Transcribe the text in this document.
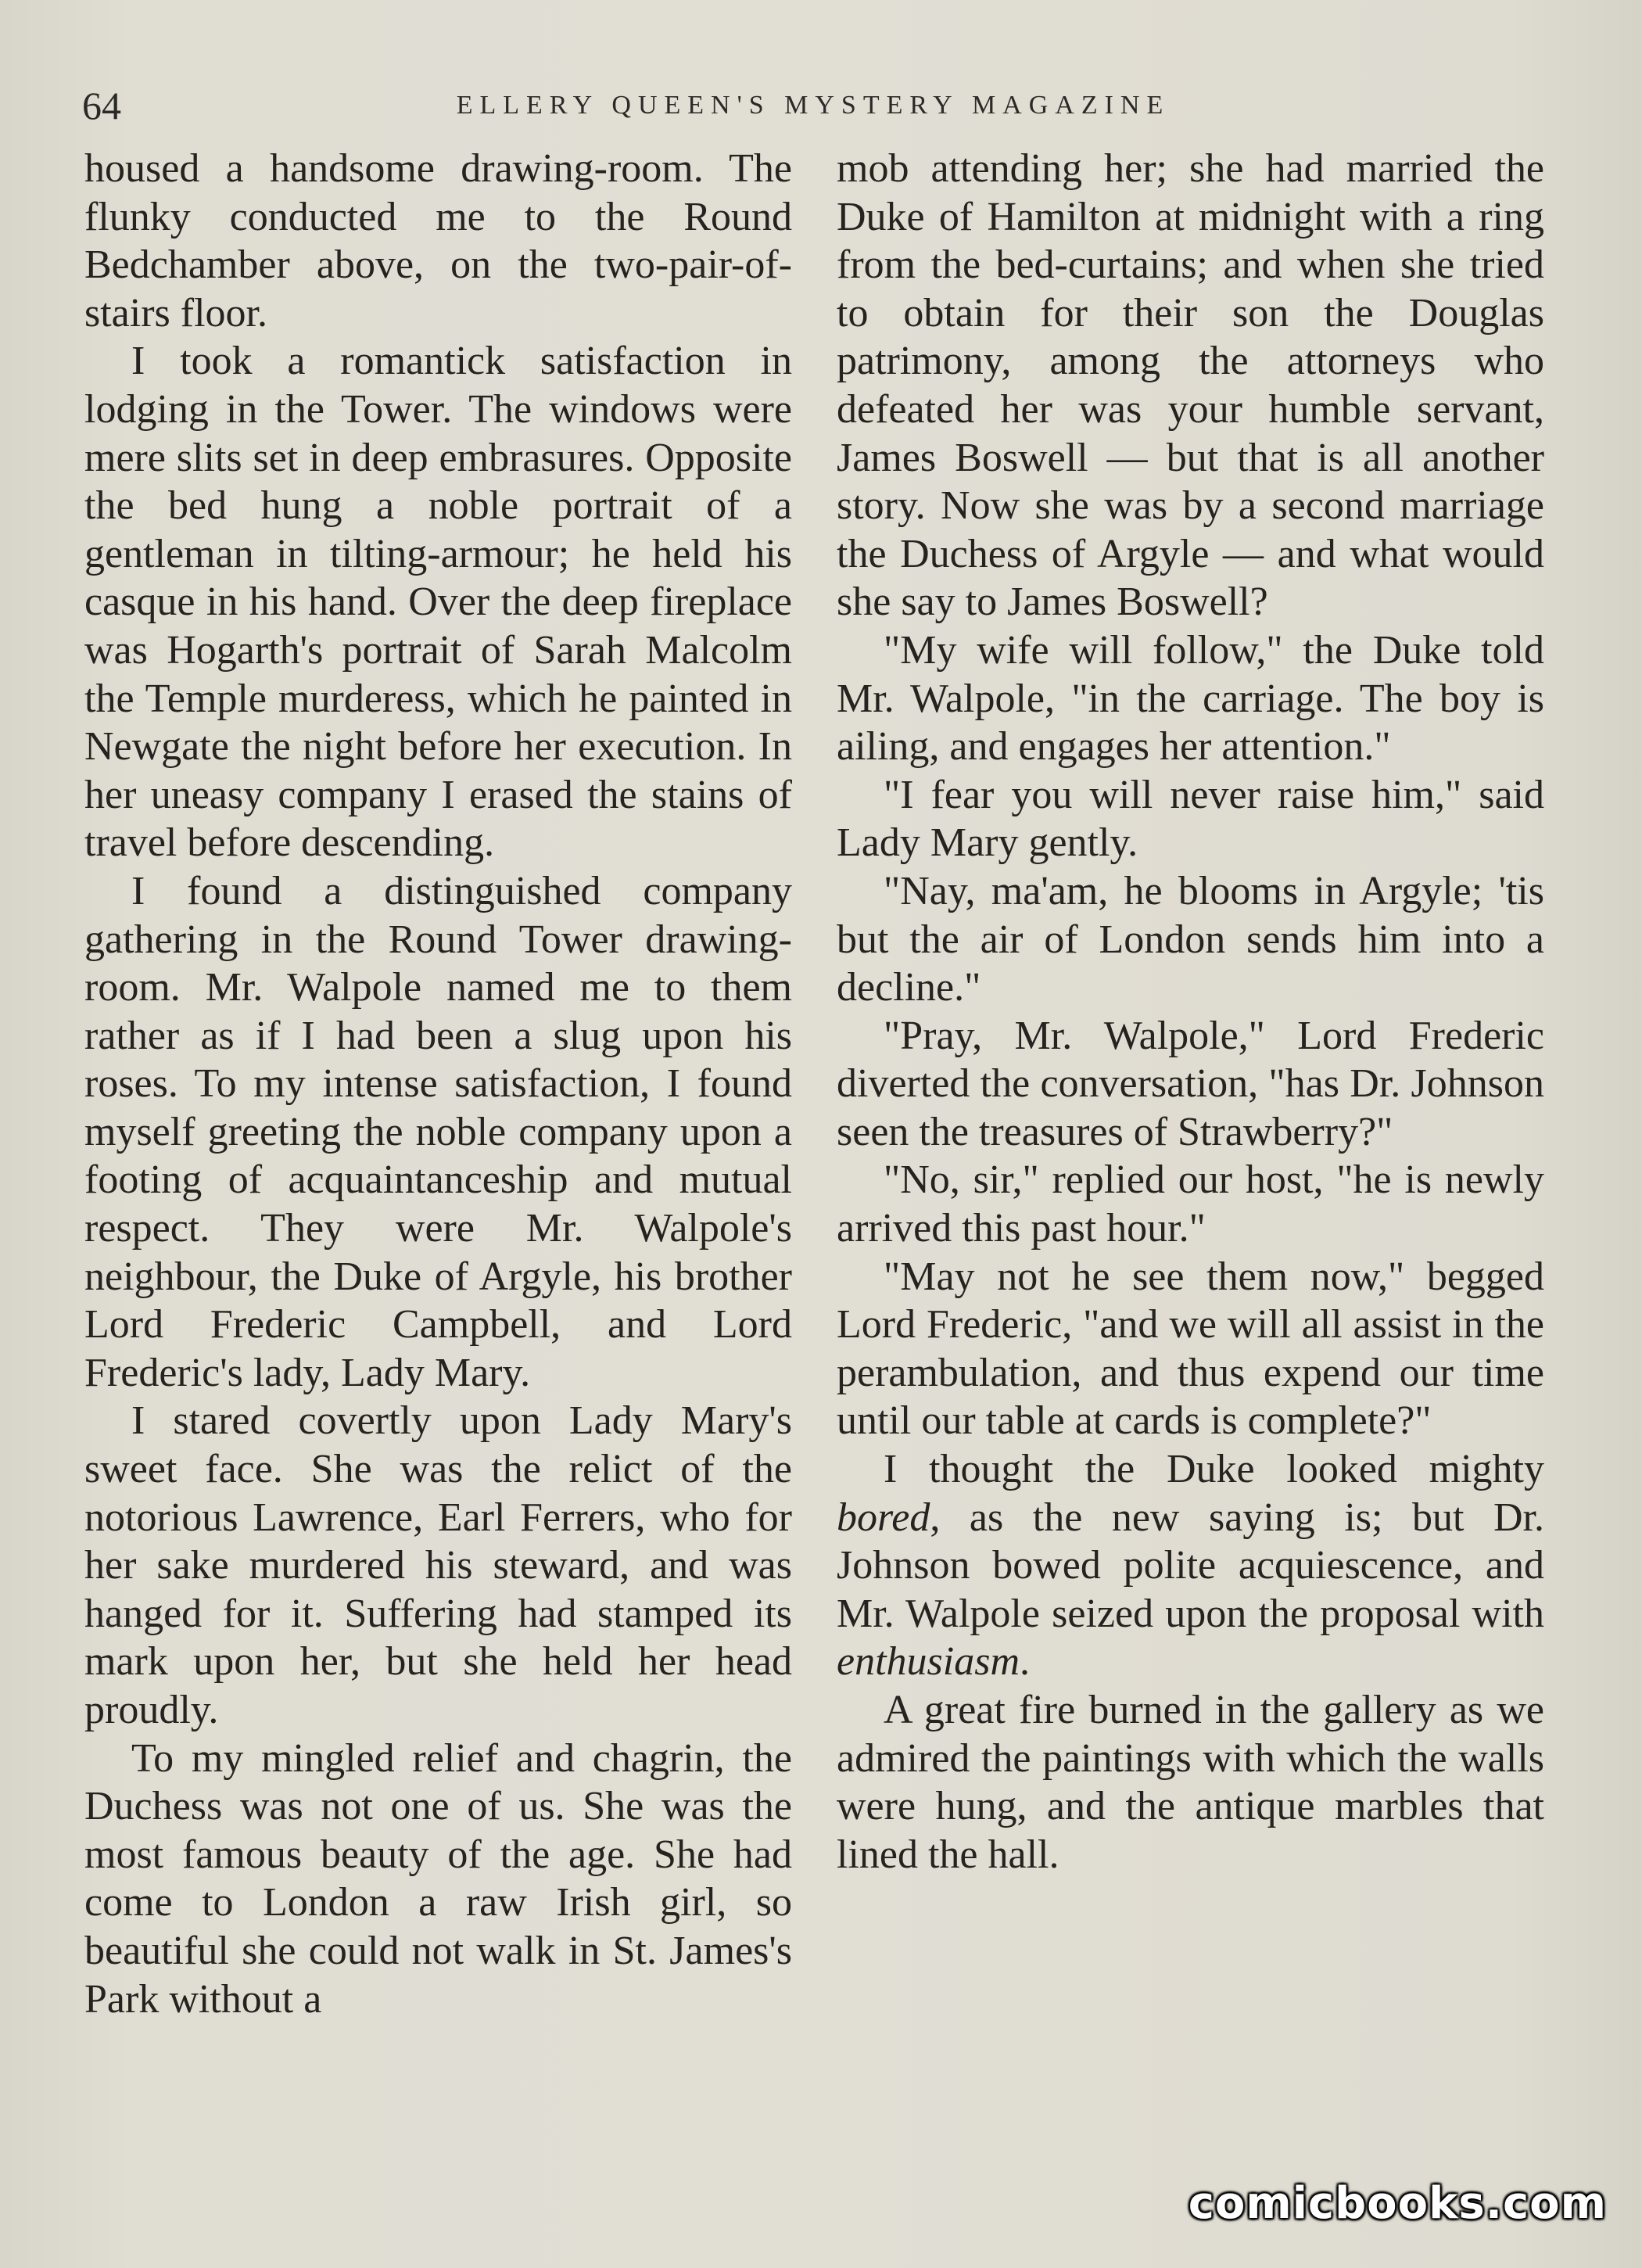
64	ELLERY QUEEN'S MYSTERY MAGAZINE

housed a handsome drawing-room. The flunky conducted me to the Round Bedchamber above, on the two-pair-of-stairs floor.

I took a romantick satisfaction in lodging in the Tower. The windows were mere slits set in deep embrasures. Opposite the bed hung a noble portrait of a gentleman in tilting-armour; he held his casque in his hand. Over the deep fireplace was Hogarth's portrait of Sarah Malcolm the Temple murderess, which he painted in Newgate the night before her execution. In her uneasy company I erased the stains of travel before descending.

I found a distinguished company gathering in the Round Tower drawing-room. Mr. Walpole named me to them rather as if I had been a slug upon his roses. To my intense satisfaction, I found myself greeting the noble company upon a footing of acquaintanceship and mutual respect. They were Mr. Walpole's neighbour, the Duke of Argyle, his brother Lord Frederic Campbell, and Lord Frederic's lady, Lady Mary.

I stared covertly upon Lady Mary's sweet face. She was the relict of the notorious Lawrence, Earl Ferrers, who for her sake murdered his steward, and was hanged for it. Suffering had stamped its mark upon her, but she held her head proudly.

To my mingled relief and chagrin, the Duchess was not one of us. She was the most famous beauty of the age. She had come to London a raw Irish girl, so beautiful she could not walk in St. James's Park without a

mob attending her; she had married the Duke of Hamilton at midnight with a ring from the bed-curtains; and when she tried to obtain for their son the Douglas patrimony, among the attorneys who defeated her was your humble servant, James Boswell — but that is all another story. Now she was by a second marriage the Duchess of Argyle — and what would she say to James Boswell?

"My wife will follow," the Duke told Mr. Walpole, "in the carriage. The boy is ailing, and engages her attention."

"I fear you will never raise him," said Lady Mary gently.

"Nay, ma'am, he blooms in Argyle; 'tis but the air of London sends him into a decline."

"Pray, Mr. Walpole," Lord Frederic diverted the conversation, "has Dr. Johnson seen the treasures of Strawberry?"

"No, sir," replied our host, "he is newly arrived this past hour."

"May not he see them now," begged Lord Frederic, "and we will all assist in the perambulation, and thus expend our time until our table at cards is complete?"

I thought the Duke looked mighty bored, as the new saying is; but Dr. Johnson bowed polite acquiescence, and Mr. Walpole seized upon the proposal with enthusiasm.

A great fire burned in the gallery as we admired the paintings with which the walls were hung, and the antique marbles that lined the hall.

comicbooks.com
